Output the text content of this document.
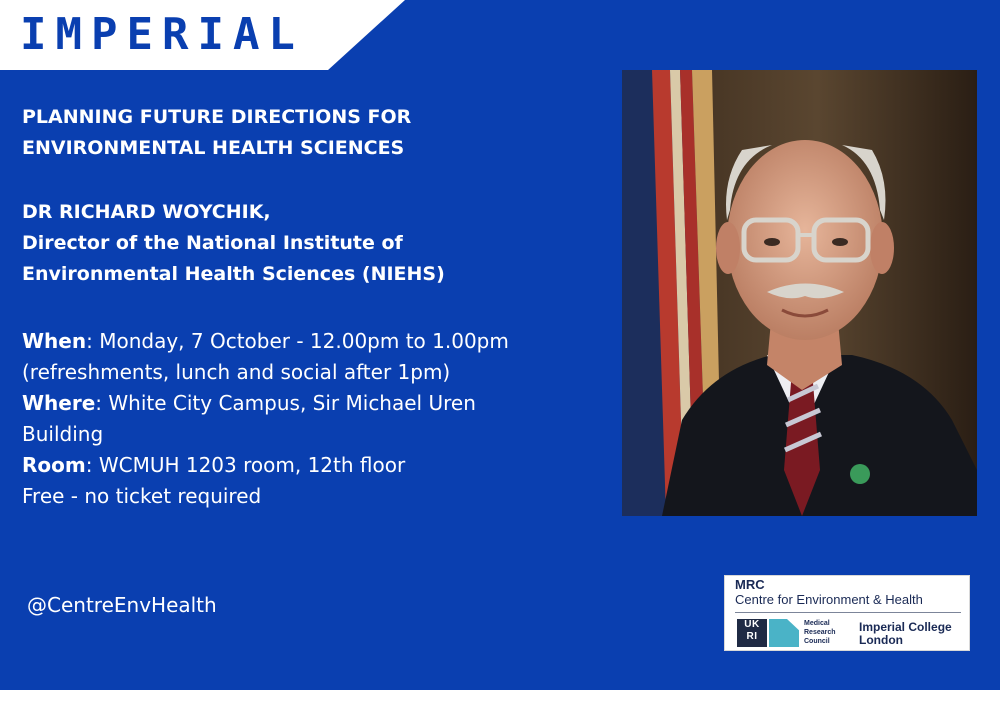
IMPERIAL
PLANNING FUTURE DIRECTIONS FOR
ENVIRONMENTAL HEALTH SCIENCES
DR RICHARD WOYCHIK,
Director of the National Institute of
Environmental Health Sciences (NIEHS)
When: Monday, 7 October - 12.00pm to 1.00pm
(refreshments, lunch and social after 1pm)
Where: White City Campus, Sir Michael Uren
Building
Room: WCMUH 1203 room, 12th floor
Free - no ticket required
@CentreEnvHealth
MRC
Centre for Environment & Health
UK
RI
Medical
Research
Council
Imperial College
London
